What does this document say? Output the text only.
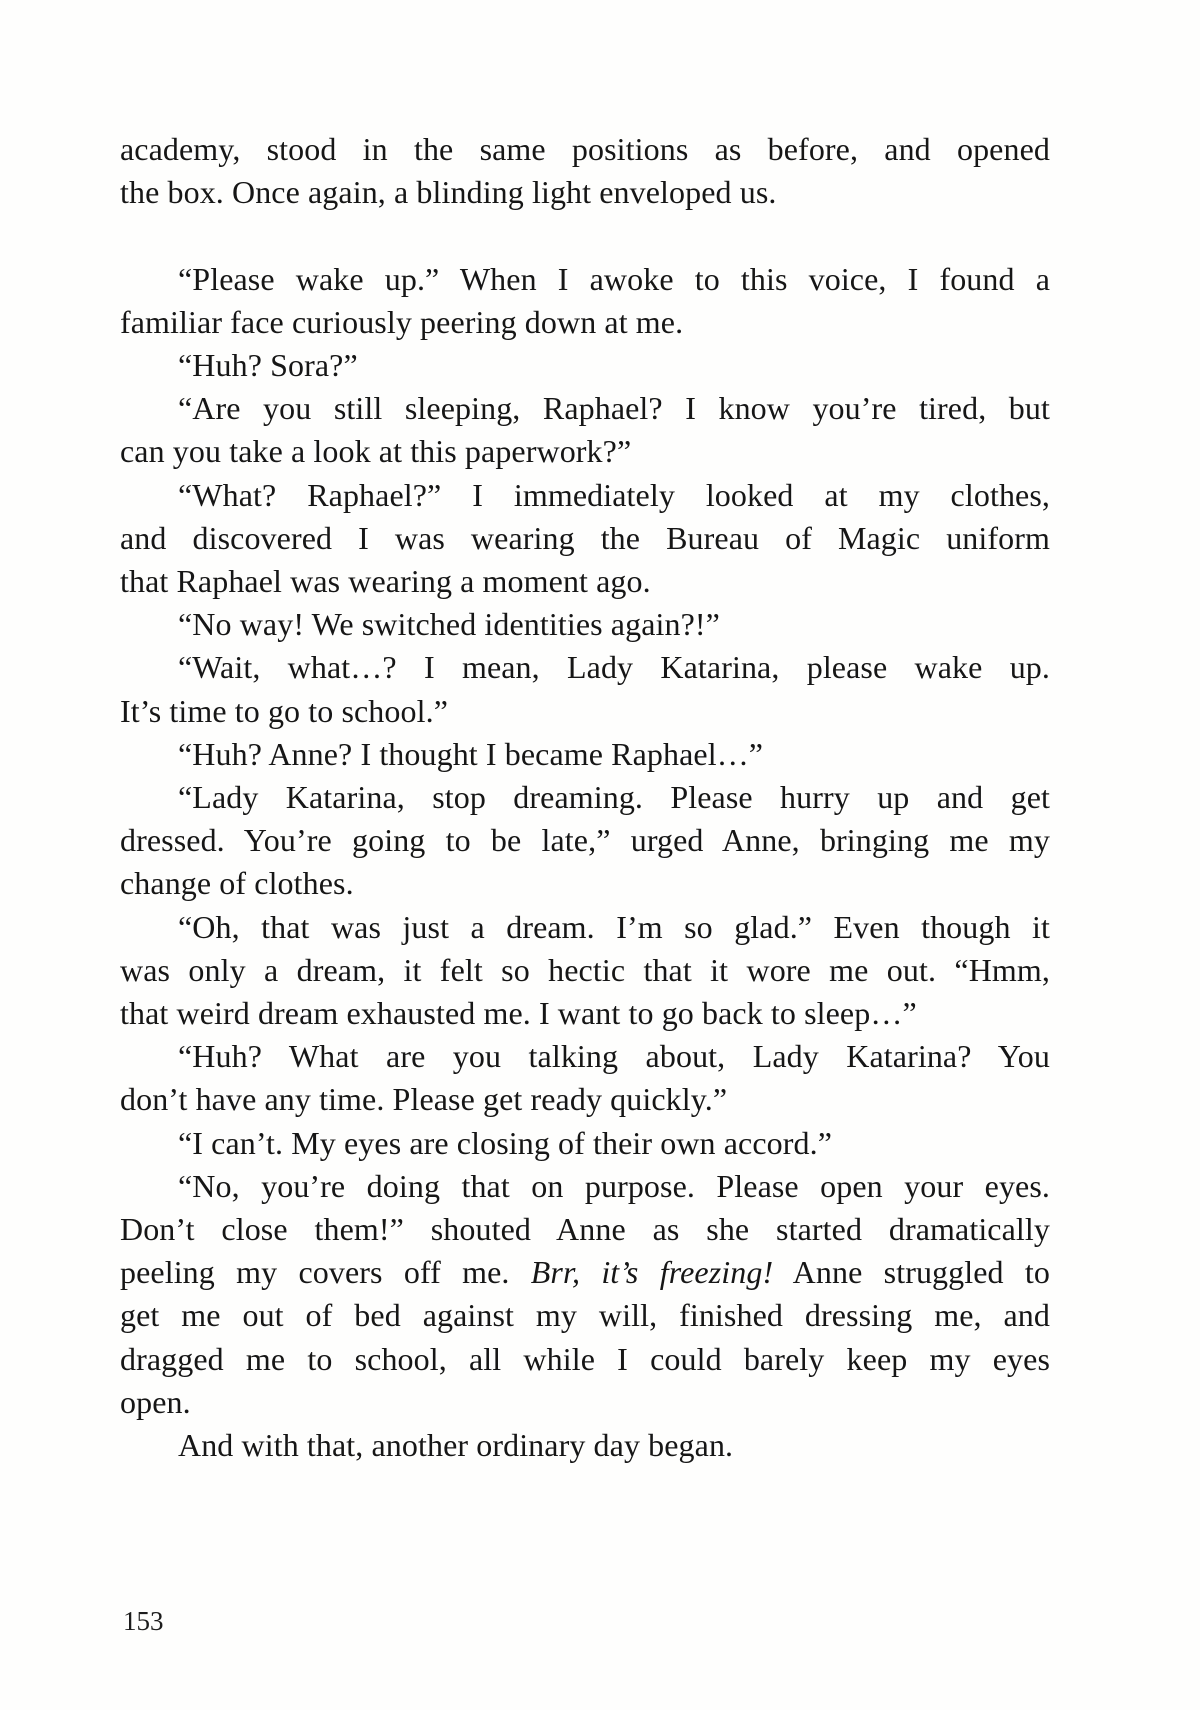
academy, stood in the same positions as before, and opened
the box. Once again, a blinding light enveloped us.
“Please wake up.” When I awoke to this voice, I found a
familiar face curiously peering down at me.
“Huh? Sora?”
“Are you still sleeping, Raphael? I know you’re tired, but
can you take a look at this paperwork?”
“What? Raphael?” I immediately looked at my clothes,
and discovered I was wearing the Bureau of Magic uniform
that Raphael was wearing a moment ago.
“No way! We switched identities again?!”
“Wait, what…? I mean, Lady Katarina, please wake up.
It’s time to go to school.”
“Huh? Anne? I thought I became Raphael…”
“Lady Katarina, stop dreaming. Please hurry up and get
dressed. You’re going to be late,” urged Anne, bringing me my
change of clothes.
“Oh, that was just a dream. I’m so glad.” Even though it
was only a dream, it felt so hectic that it wore me out. “Hmm,
that weird dream exhausted me. I want to go back to sleep…”
“Huh? What are you talking about, Lady Katarina? You
don’t have any time. Please get ready quickly.”
“I can’t. My eyes are closing of their own accord.”
“No, you’re doing that on purpose. Please open your eyes.
Don’t close them!” shouted Anne as she started dramatically
peeling my covers off me. Brr, it’s freezing! Anne struggled to
get me out of bed against my will, finished dressing me, and
dragged me to school, all while I could barely keep my eyes
open.
And with that, another ordinary day began.
153
